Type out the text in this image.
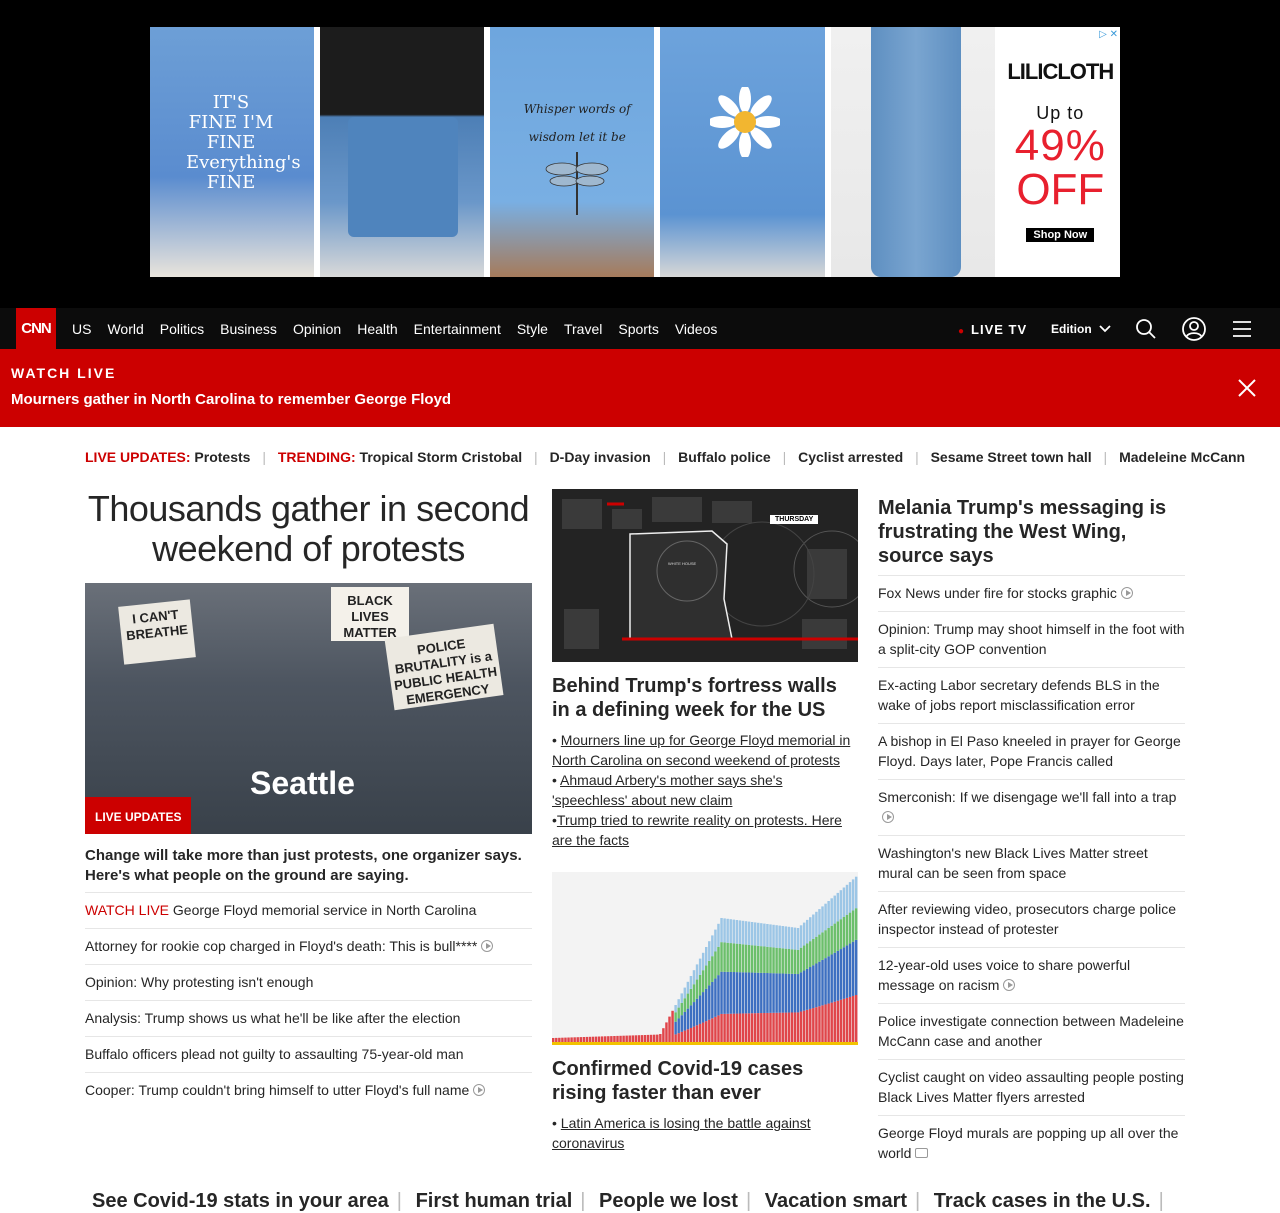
IT'S FINE I'M FINE Everything's FINE
Whisper words of wisdom let it be
▷ ✕
LILICLOTH
Up to
49%
OFF
Shop Now
CNN	US	World	Politics	Business	Opinion	Health	Entertainment	Style	Travel	Sports	Videos	● LIVE TV Edition
WATCH LIVE
Mourners gather in North Carolina to remember George Floyd
LIVE UPDATES: Protests | TRENDING: Tropical Storm Cristobal | D-Day invasion | Buffalo police | Cyclist arrested | Sesame Street town hall | Madeleine McCann
Thousands gather in second weekend of protests
I CAN'T BREATHE
BLACK LIVES MATTER
POLICE BRUTALITY is a PUBLIC HEALTH EMERGENCY
Seattle
LIVE UPDATES
Change will take more than just protests, one organizer says. Here's what people on the ground are saying.
WATCH LIVE George Floyd memorial service in North Carolina
Attorney for rookie cop charged in Floyd's death: This is bull****
Opinion: Why protesting isn't enough
Analysis: Trump shows us what he'll be like after the election
Buffalo officers plead not guilty to assaulting 75-year-old man
Cooper: Trump couldn't bring himself to utter Floyd's full name
THURSDAY
WHITE HOUSE
Behind Trump's fortress walls in a defining week for the US
• Mourners line up for George Floyd memorial in North Carolina on second weekend of protests
• Ahmaud Arbery's mother says she's 'speechless' about new claim
•Trump tried to rewrite reality on protests. Here are the facts
Confirmed Covid-19 cases rising faster than ever
• Latin America is losing the battle against coronavirus
Melania Trump's messaging is frustrating the West Wing, source says
Fox News under fire for stocks graphic
Opinion: Trump may shoot himself in the foot with a split-city GOP convention
Ex-acting Labor secretary defends BLS in the wake of jobs report misclassification error
A bishop in El Paso kneeled in prayer for George Floyd. Days later, Pope Francis called
Smerconish: If we disengage we'll fall into a trap
Washington's new Black Lives Matter street mural can be seen from space
After reviewing video, prosecutors charge police inspector instead of protester
12-year-old uses voice to share powerful message on racism
Police investigate connection between Madeleine McCann case and another
Cyclist caught on video assaulting people posting Black Lives Matter flyers arrested
George Floyd murals are popping up all over the world
See Covid-19 stats in your area | First human trial | People we lost | Vacation smart | Track cases in the U.S. |
